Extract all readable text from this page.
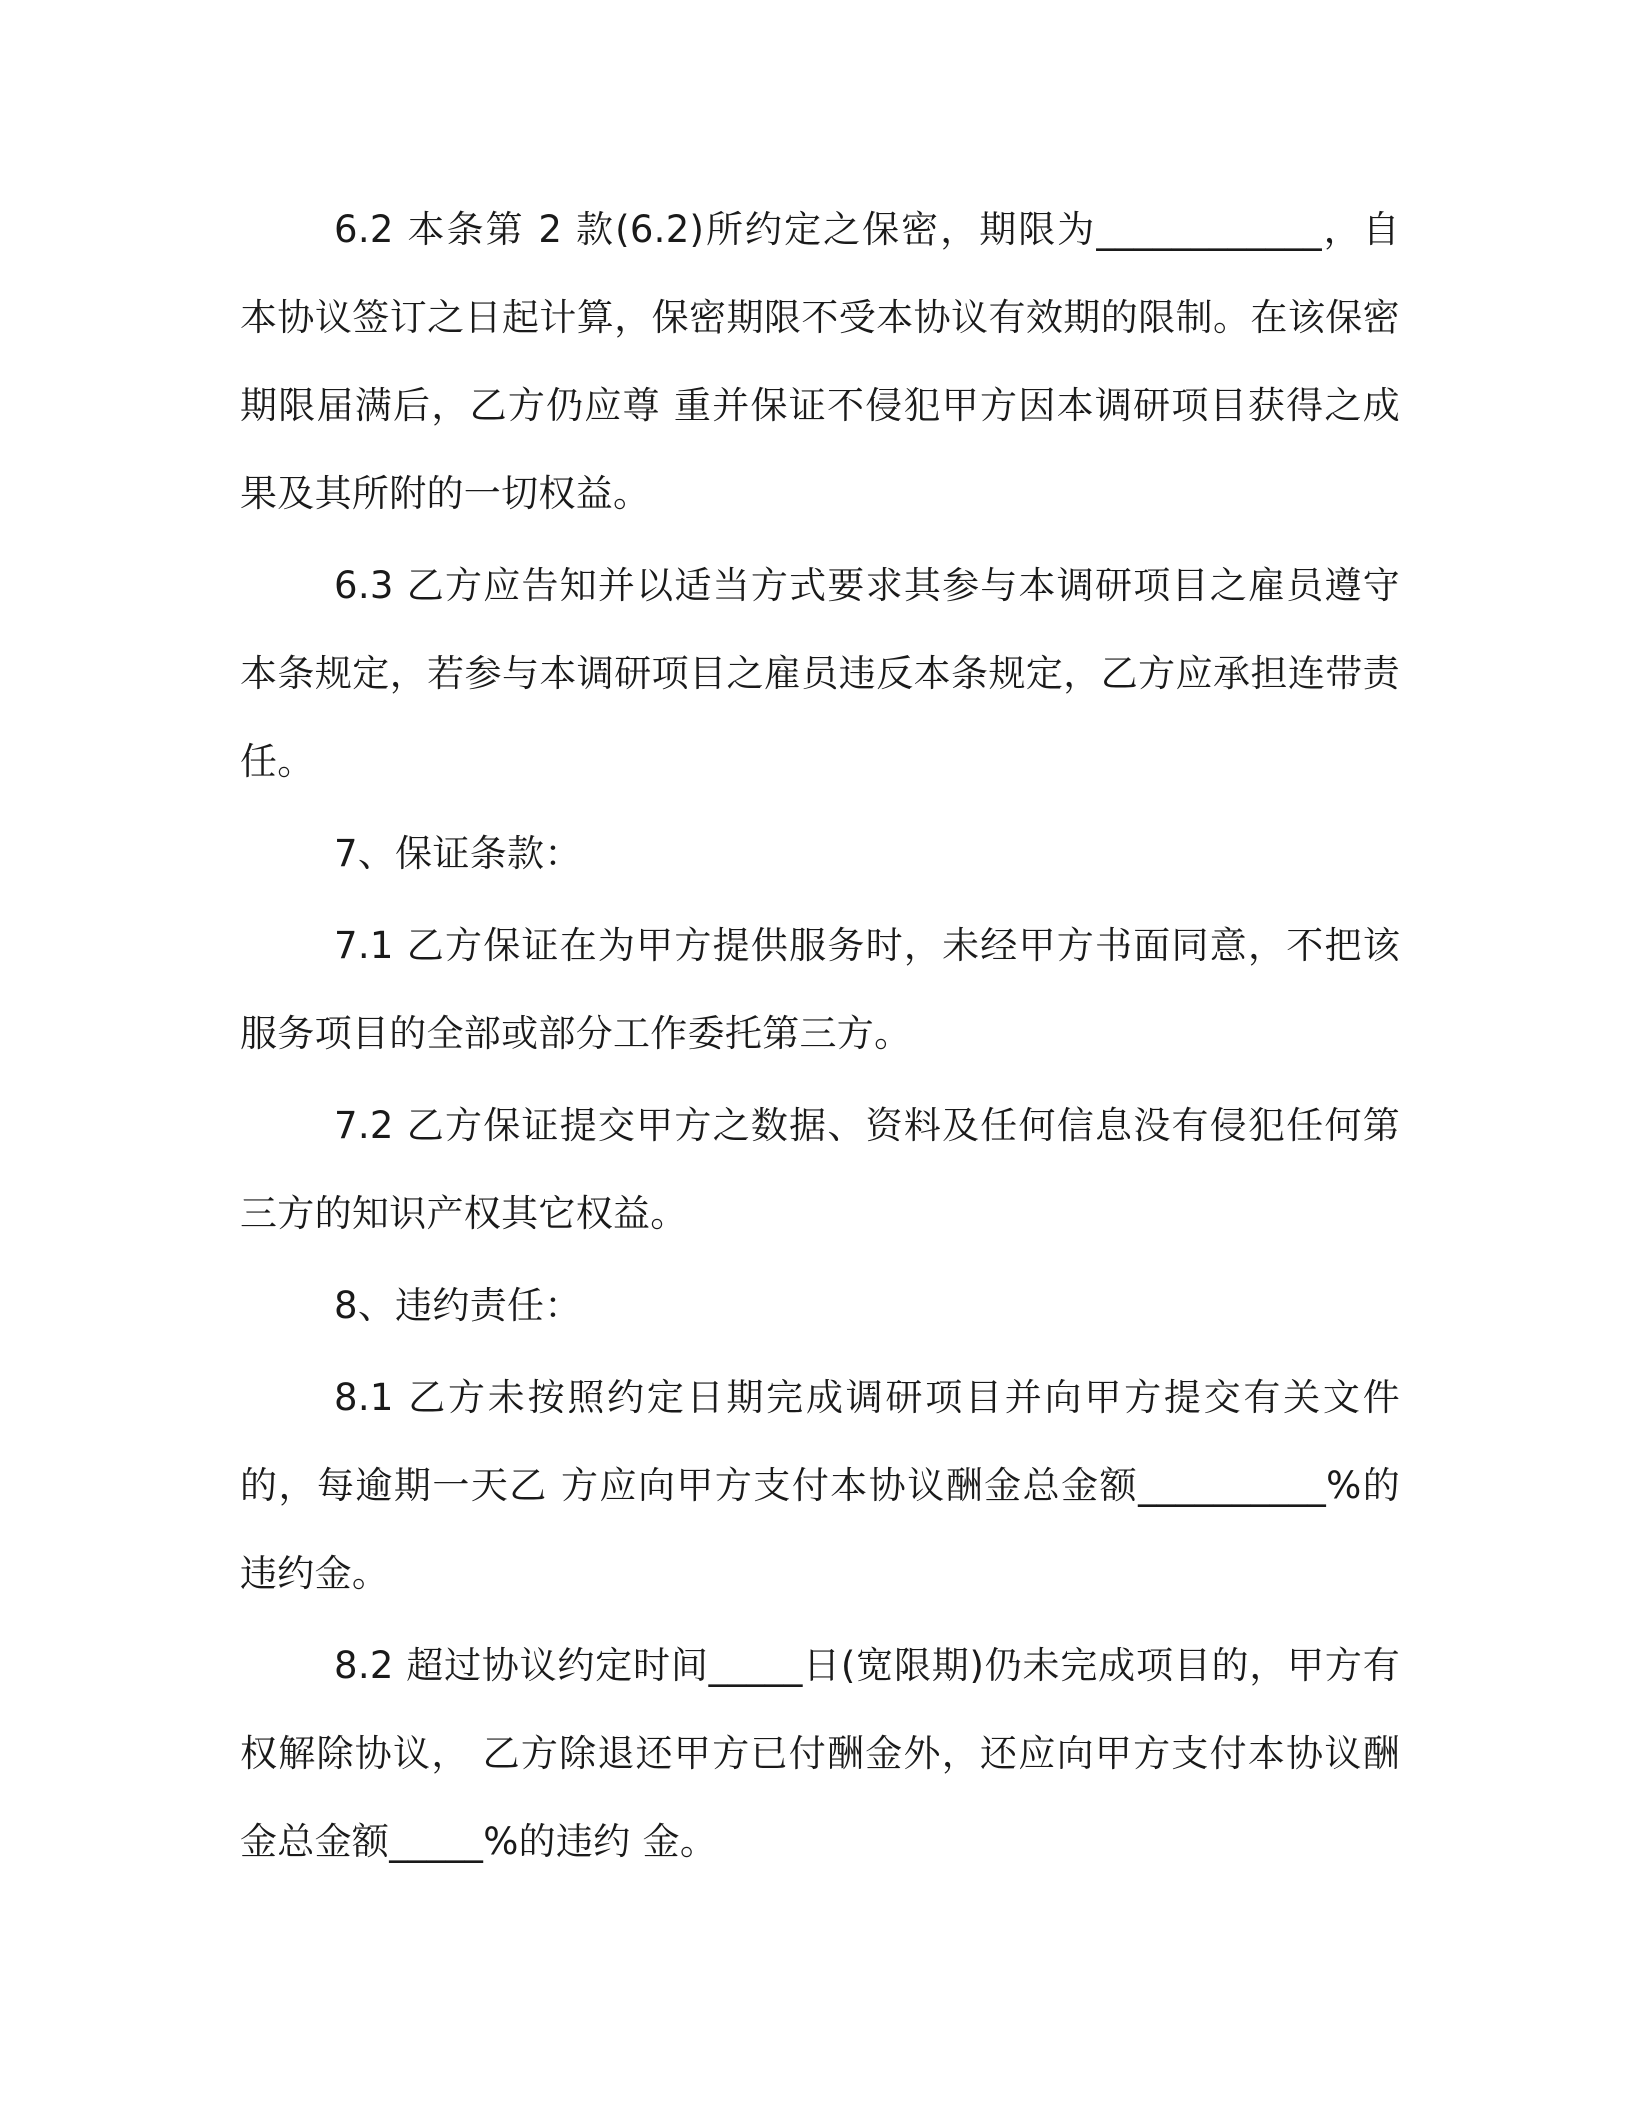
6.2 本条第 2 款(6.2)所约定之保密，期限为____________，自本协议签订之日起计算，保密期限不受本协议有效期的限制。在该保密期限届满后，乙方仍应尊 重并保证不侵犯甲方因本调研项目获得之成果及其所附的一切权益。

6.3 乙方应告知并以适当方式要求其参与本调研项目之雇员遵守本条规定，若参与本调研项目之雇员违反本条规定，乙方应承担连带责任。

7、保证条款：

7.1 乙方保证在为甲方提供服务时，未经甲方书面同意，不把该服务项目的全部或部分工作委托第三方。

7.2 乙方保证提交甲方之数据、资料及任何信息没有侵犯任何第三方的知识产权其它权益。

8、违约责任：

8.1 乙方未按照约定日期完成调研项目并向甲方提交有关文件的，每逾期一天乙 方应向甲方支付本协议酬金总金额__________%的违约金。

8.2 超过协议约定时间_____日(宽限期)仍未完成项目的，甲方有权解除协议， 乙方除退还甲方已付酬金外，还应向甲方支付本协议酬金总金额_____%的违约 金。
